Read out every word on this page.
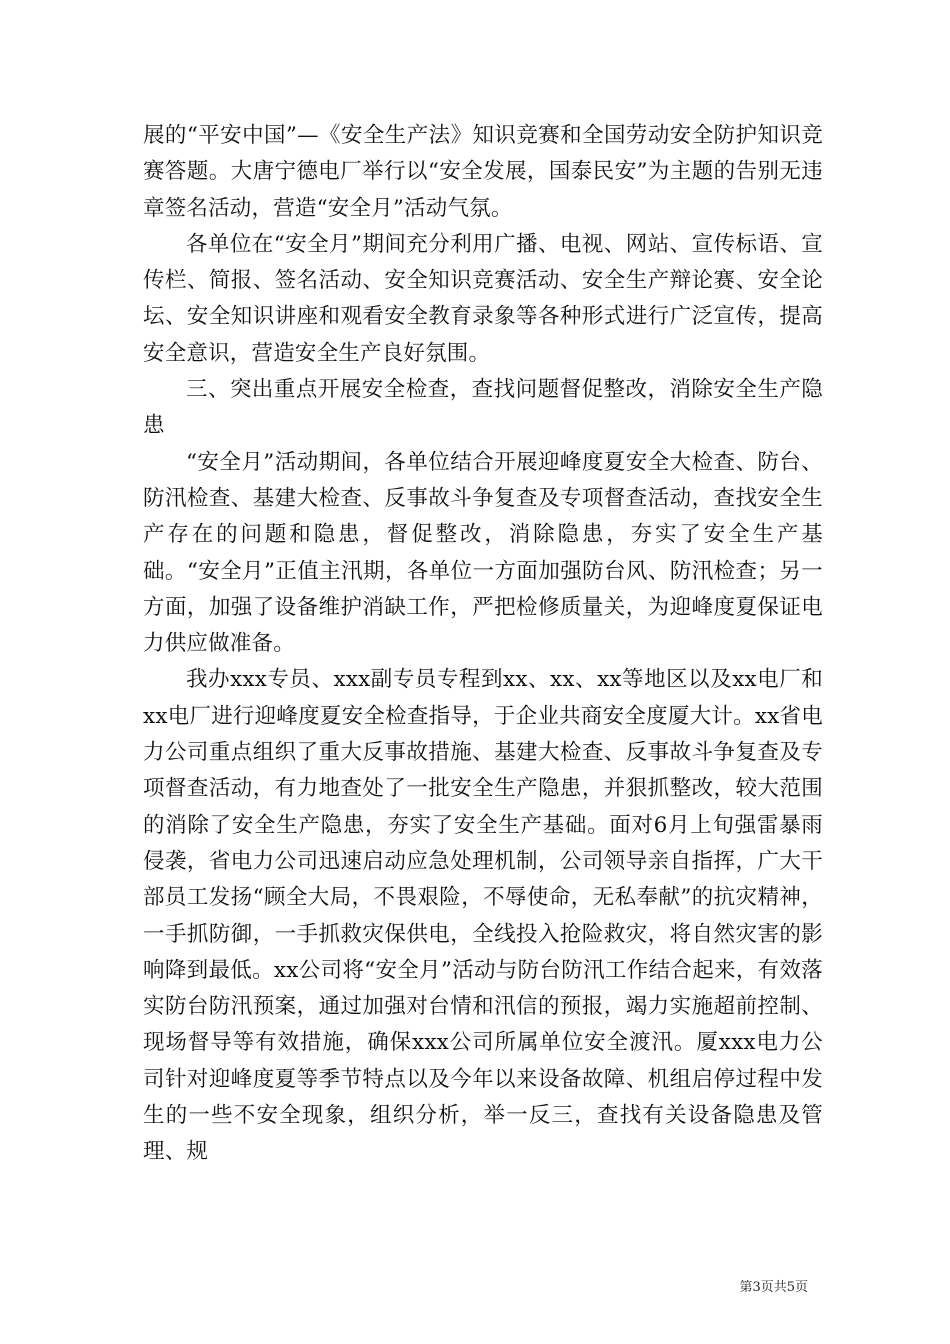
展的“平安中国”—《安全生产法》知识竞赛和全国劳动安全防护知识竞赛答题。大唐宁德电厂举行以“安全发展，国泰民安”为主题的告别无违章签名活动，营造“安全月”活动气氛。

各单位在“安全月”期间充分利用广播、电视、网站、宣传标语、宣传栏、简报、签名活动、安全知识竞赛活动、安全生产辩论赛、安全论坛、安全知识讲座和观看安全教育录象等各种形式进行广泛宣传，提高安全意识，营造安全生产良好氛围。

三、突出重点开展安全检查，查找问题督促整改，消除安全生产隐患

“安全月”活动期间，各单位结合开展迎峰度夏安全大检查、防台、防汛检查、基建大检查、反事故斗争复查及专项督查活动，查找安全生产存在的问题和隐患，督促整改，消除隐患，夯实了安全生产基础。“安全月”正值主汛期，各单位一方面加强防台风、防汛检查；另一方面，加强了设备维护消缺工作，严把检修质量关，为迎峰度夏保证电力供应做准备。

我办xxx专员、xxx副专员专程到xx、xx、xx等地区以及xx电厂和xx电厂进行迎峰度夏安全检查指导，于企业共商安全度厦大计。xx省电力公司重点组织了重大反事故措施、基建大检查、反事故斗争复查及专项督查活动，有力地查处了一批安全生产隐患，并狠抓整改，较大范围的消除了安全生产隐患，夯实了安全生产基础。面对6月上旬强雷暴雨侵袭，省电力公司迅速启动应急处理机制，公司领导亲自指挥，广大干部员工发扬“顾全大局，不畏艰险，不辱使命，无私奉献”的抗灾精神，一手抓防御，一手抓救灾保供电，全线投入抢险救灾，将自然灾害的影响降到最低。xx公司将“安全月”活动与防台防汛工作结合起来，有效落实防台防汛预案，通过加强对台情和汛信的预报，竭力实施超前控制、现场督导等有效措施，确保xxx公司所属单位安全渡汛。厦xxx电力公司针对迎峰度夏等季节特点以及今年以来设备故障、机组启停过程中发生的一些不安全现象，组织分析，举一反三，查找有关设备隐患及管理、规

第3页共5页
